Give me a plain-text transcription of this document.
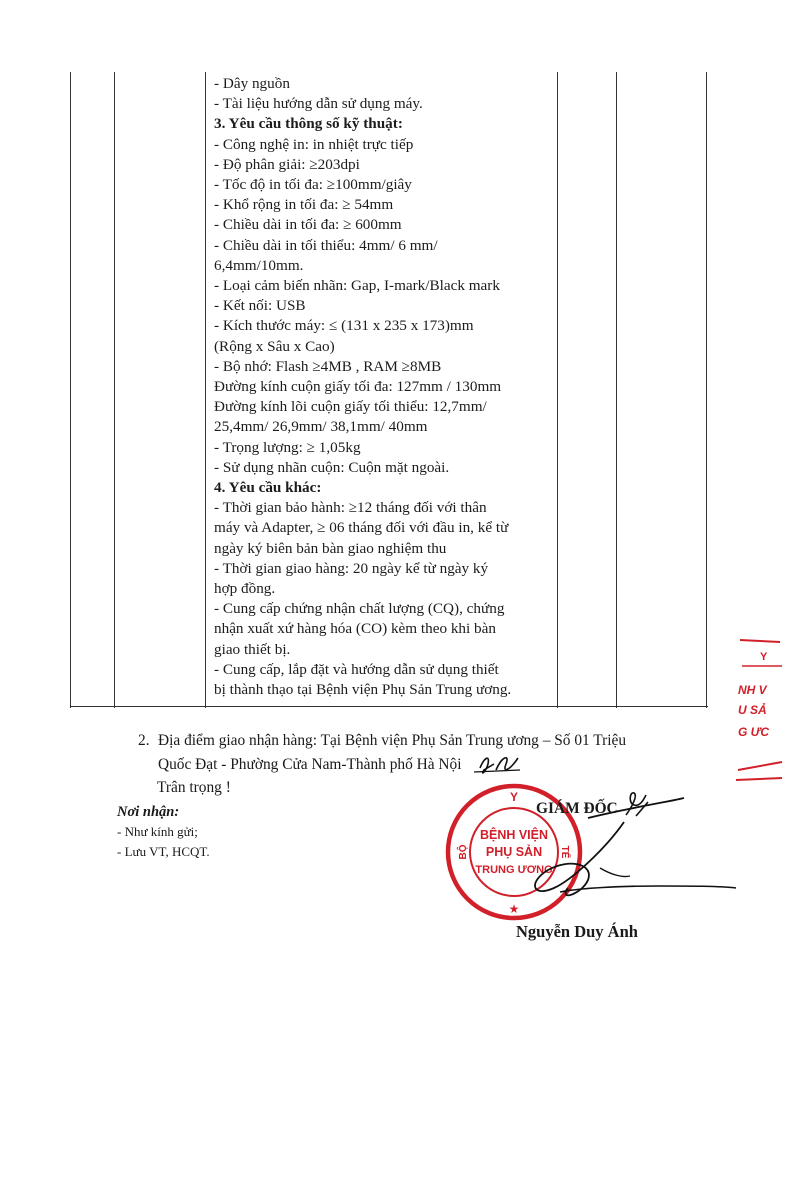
- Dây nguồn
- Tài liệu hướng dẫn sử dụng máy.
3. Yêu cầu thông số kỹ thuật:
- Công nghệ in: in nhiệt trực tiếp
- Độ phân giải: ≥203dpi
- Tốc độ in tối đa: ≥100mm/giây
- Khổ rộng in tối đa: ≥ 54mm
- Chiều dài in tối đa: ≥ 600mm
- Chiều dài in tối thiểu: 4mm/ 6 mm/
6,4mm/10mm.
- Loại cảm biến nhãn: Gap, I-mark/Black mark
- Kết nối: USB
- Kích thước máy: ≤ (131 x 235 x 173)mm
(Rộng x Sâu x Cao)
- Bộ nhớ: Flash ≥4MB , RAM ≥8MB
Đường kính cuộn giấy tối đa: 127mm / 130mm
Đường kính lõi cuộn giấy tối thiểu: 12,7mm/
25,4mm/ 26,9mm/ 38,1mm/ 40mm
- Trọng lượng: ≥ 1,05kg
- Sử dụng nhãn cuộn: Cuộn mặt ngoài.
4. Yêu cầu khác:
- Thời gian bảo hành: ≥12 tháng đối với thân
máy và Adapter, ≥ 06 tháng đối với đầu in, kể từ
ngày ký biên bản bàn giao nghiệm thu
- Thời gian giao hàng: 20 ngày kể từ ngày ký
hợp đồng.
- Cung cấp chứng nhận chất lượng (CQ), chứng
nhận xuất xứ hàng hóa (CO) kèm theo khi bàn
giao thiết bị.
- Cung cấp, lắp đặt và hướng dẫn sử dụng thiết
bị thành thạo tại Bệnh viện Phụ Sản Trung ương.
2. Địa điểm giao nhận hàng: Tại Bệnh viện Phụ Sản Trung ương – Số 01 Triệu
Quốc Đạt - Phường Cửa Nam-Thành phố Hà Nội
Trân trọng !
Nơi nhận:
- Như kính gửi;
- Lưu VT, HCQT.
Y
BỘ	TẾ
BỆNH VIỆN
PHỤ SẢN
TRUNG ƯƠNG
★
GIÁM ĐỐC
Nguyễn Duy Ánh
Y
NH V
U SẢ
G ƯC
